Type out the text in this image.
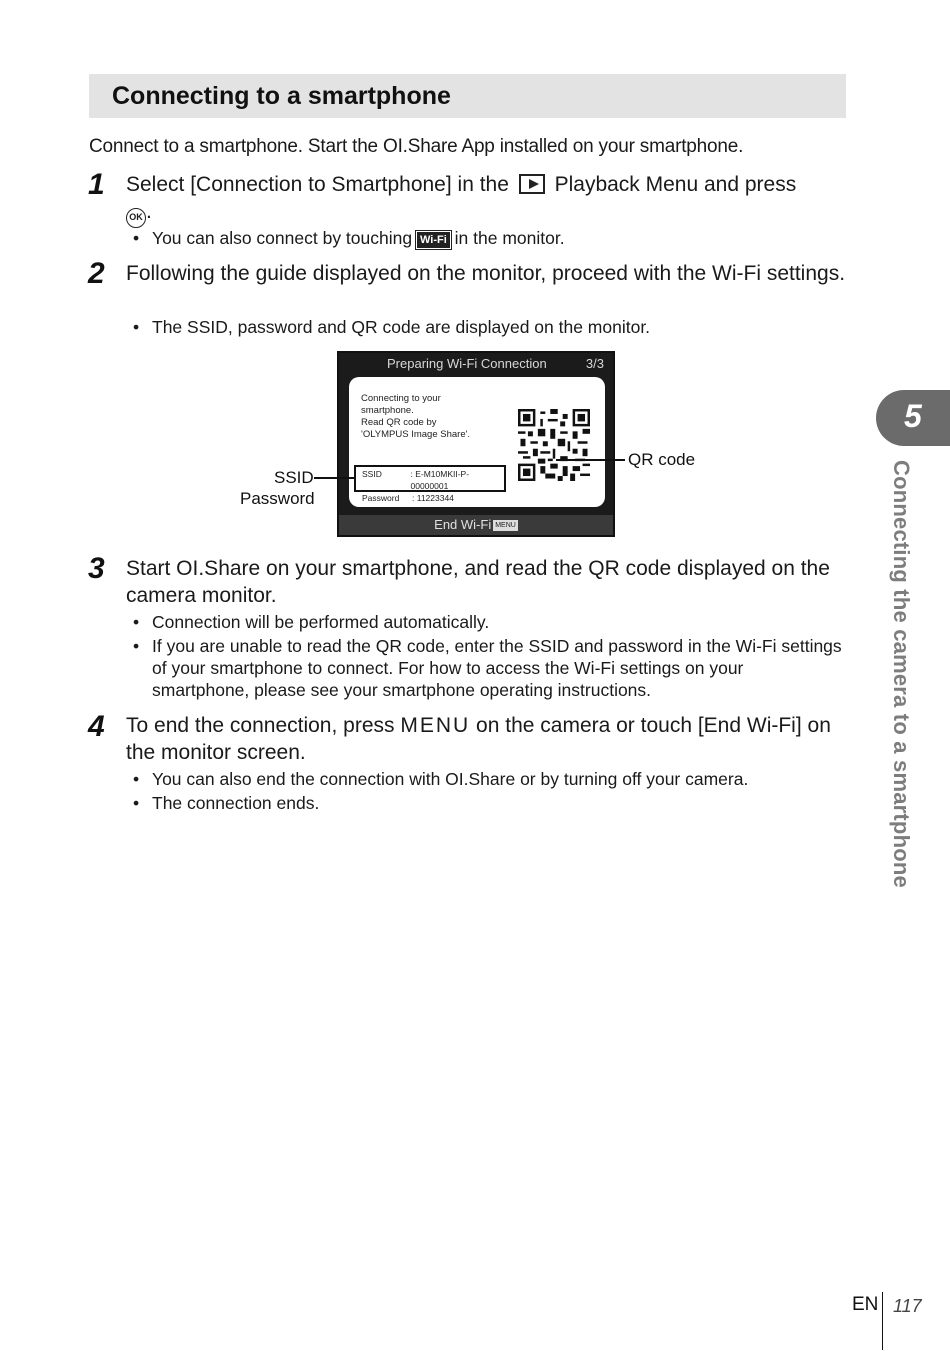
Connecting to a smartphone
Connect to a smartphone. Start the OI.Share App installed on your smartphone.
1 Select [Connection to Smartphone] in the Playback Menu and press
OK .
• You can also connect by touching Wi-Fi in the monitor.
2 Following the guide displayed on the monitor, proceed with the Wi-Fi settings.
• The SSID, password and QR code are displayed on the monitor.
Preparing Wi-Fi Connection	3/3
Connecting to your
smartphone.
Read QR code by
'OLYMPUS Image Share'.
SSID	: E-M10MKII-P-00000001
Password	: 11223344
End Wi-Fi MENU
SSID
Password
QR code
3 Start OI.Share on your smartphone, and read the QR code displayed on the camera monitor.
• Connection will be performed automatically.
• If you are unable to read the QR code, enter the SSID and password in the Wi-Fi settings of your smartphone to connect. For how to access the Wi-Fi settings on your smartphone, please see your smartphone operating instructions.
4 To end the connection, press MENU on the camera or touch [End Wi-Fi] on the monitor screen.
• You can also end the connection with OI.Share or by turning off your camera.
• The connection ends.
5
Connecting the camera to a smartphone
EN 117
